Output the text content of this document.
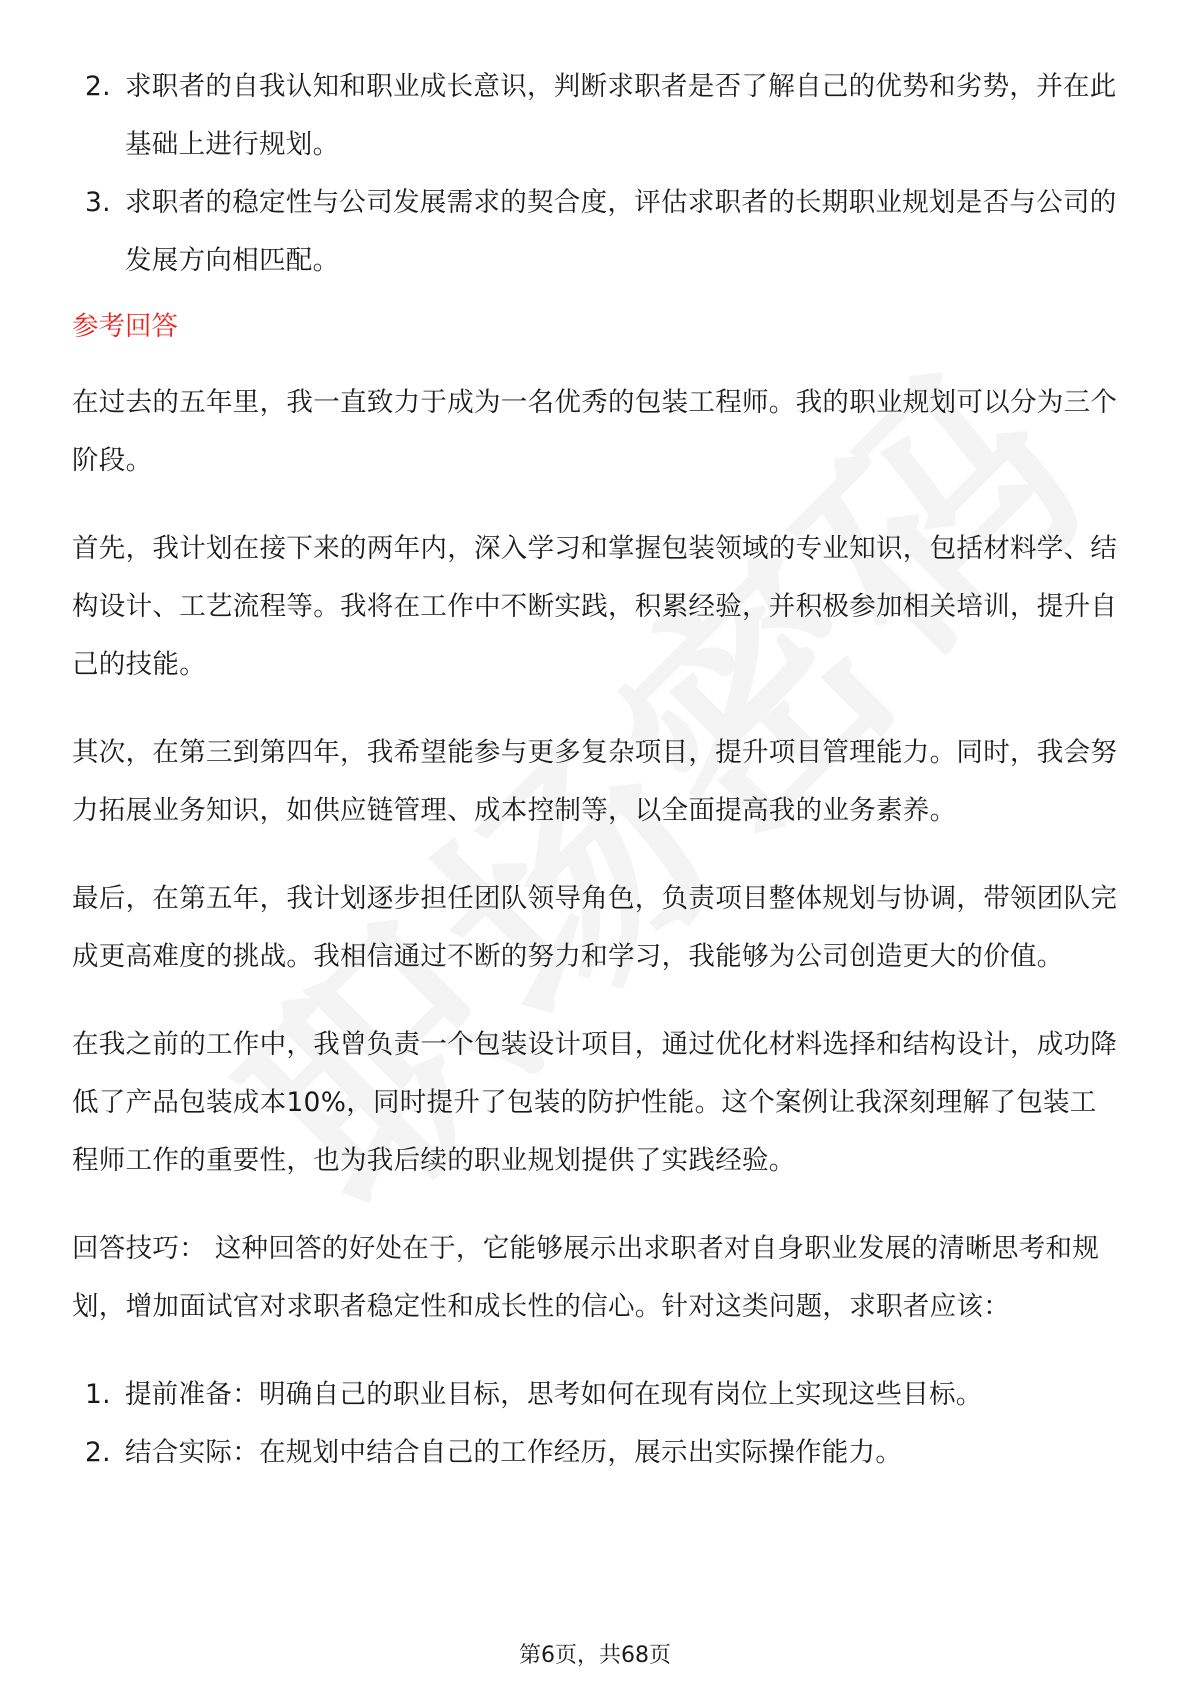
2. 求职者的自我认知和职业成长意识，判断求职者是否了解自己的优势和劣势，并在此基础上进行规划。
3. 求职者的稳定性与公司发展需求的契合度，评估求职者的长期职业规划是否与公司的发展方向相匹配。
参考回答

在过去的五年里，我一直致力于成为一名优秀的包装工程师。我的职业规划可以分为三个阶段。

首先，我计划在接下来的两年内，深入学习和掌握包装领域的专业知识，包括材料学、结构设计、工艺流程等。我将在工作中不断实践，积累经验，并积极参加相关培训，提升自己的技能。

其次，在第三到第四年，我希望能参与更多复杂项目，提升项目管理能力。同时，我会努力拓展业务知识，如供应链管理、成本控制等，以全面提高我的业务素养。

最后，在第五年，我计划逐步担任团队领导角色，负责项目整体规划与协调，带领团队完成更高难度的挑战。我相信通过不断的努力和学习，我能够为公司创造更大的价值。

在我之前的工作中，我曾负责一个包装设计项目，通过优化材料选择和结构设计，成功降低了产品包装成本10%，同时提升了包装的防护性能。这个案例让我深刻理解了包装工程师工作的重要性，也为我后续的职业规划提供了实践经验。

回答技巧： 这种回答的好处在于，它能够展示出求职者对自身职业发展的清晰思考和规划，增加面试官对求职者稳定性和成长性的信心。针对这类问题，求职者应该：

1. 提前准备：明确自己的职业目标，思考如何在现有岗位上实现这些目标。
2. 结合实际：在规划中结合自己的工作经历，展示出实际操作能力。
第6页，共68页
